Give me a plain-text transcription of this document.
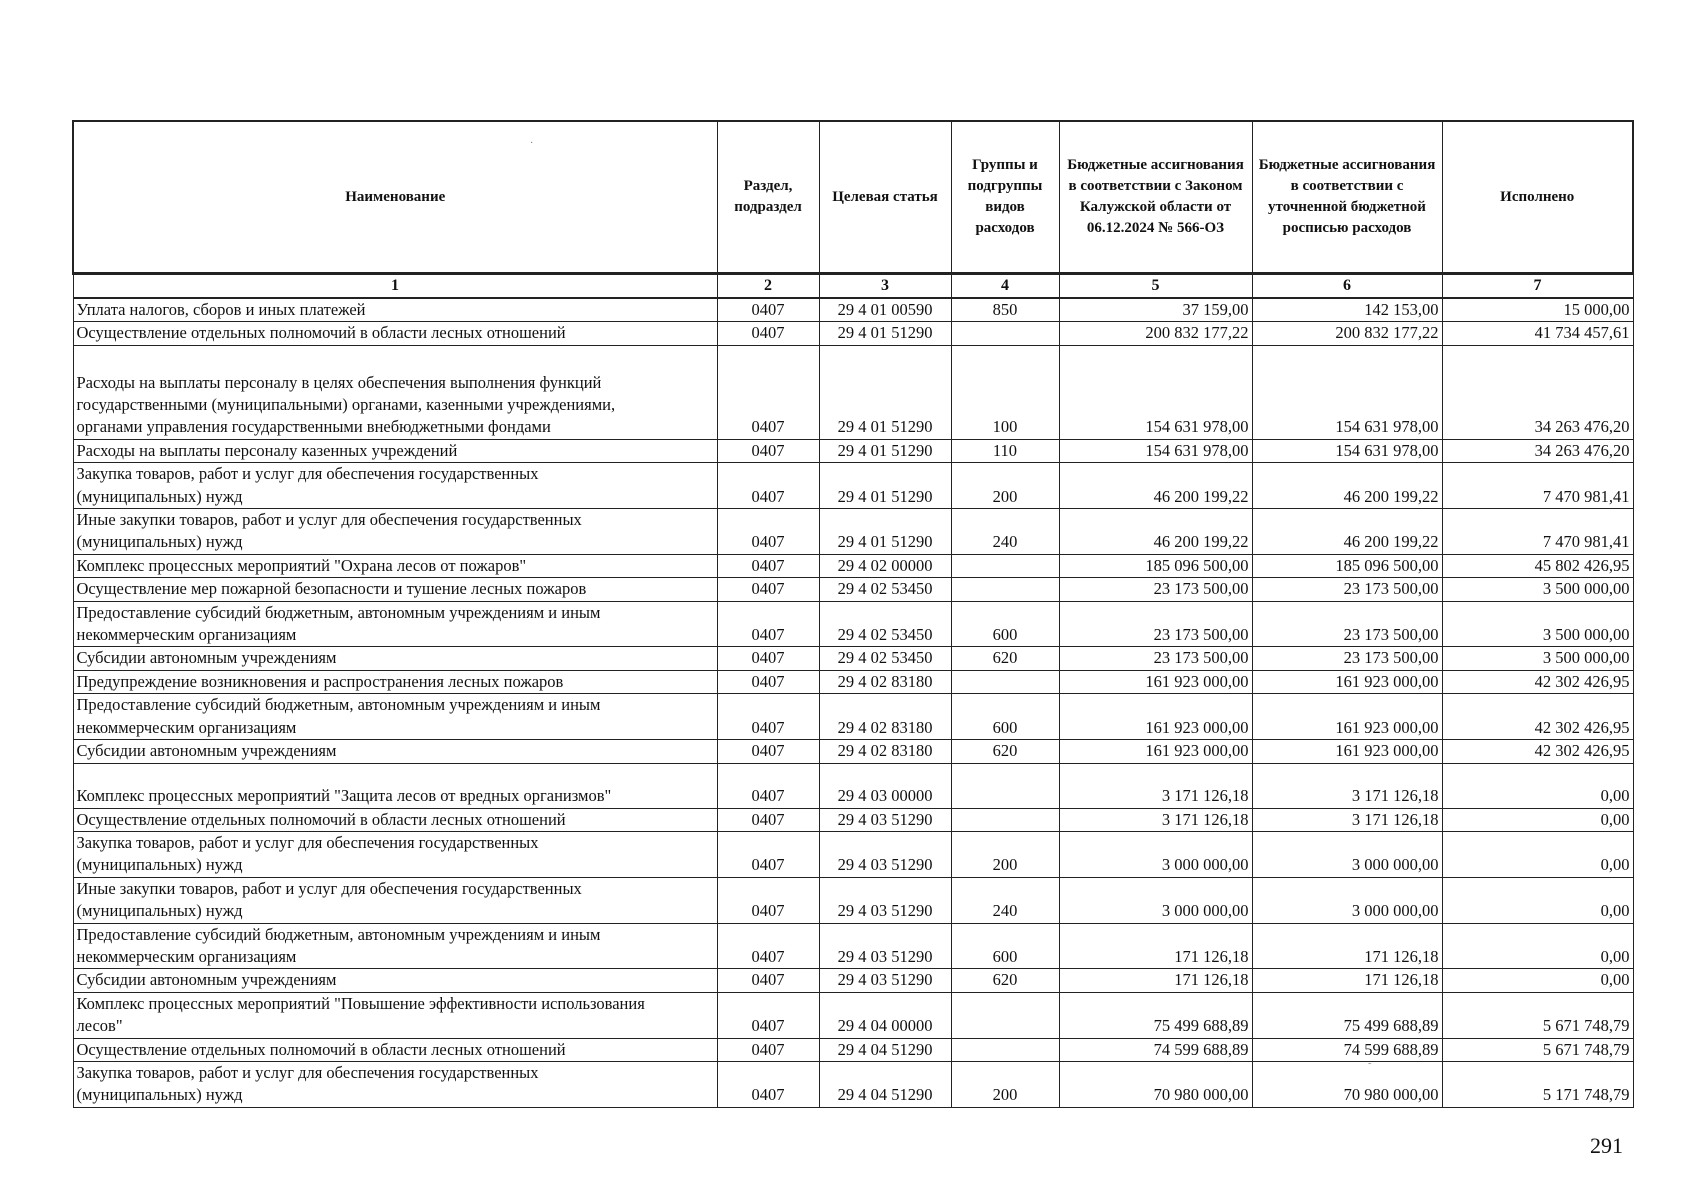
Наименование	Раздел, подраздел	Целевая статья	Группы и подгруппы видов расходов	Бюджетные ассигнования в соответствии с Законом Калужской области от 06.12.2024 № 566-ОЗ	Бюджетные ассигнования в соответствии с уточненной бюджетной росписью расходов	Исполнено
1	2	3	4	5	6	7
Уплата налогов, сборов и иных платежей	0407	29 4 01 00590	850	37 159,00	142 153,00	15 000,00
Осуществление отдельных полномочий в области лесных отношений	0407	29 4 01 51290		200 832 177,22	200 832 177,22	41 734 457,61
Расходы на выплаты персоналу в целях обеспечения выполнения функций
государственными (муниципальными) органами, казенными учреждениями,
органами управления государственными внебюджетными фондами	0407	29 4 01 51290	100	154 631 978,00	154 631 978,00	34 263 476,20
Расходы на выплаты персоналу казенных учреждений	0407	29 4 01 51290	110	154 631 978,00	154 631 978,00	34 263 476,20
Закупка товаров, работ и услуг для обеспечения государственных
(муниципальных) нужд	0407	29 4 01 51290	200	46 200 199,22	46 200 199,22	7 470 981,41
Иные закупки товаров, работ и услуг для обеспечения государственных
(муниципальных) нужд	0407	29 4 01 51290	240	46 200 199,22	46 200 199,22	7 470 981,41
Комплекс процессных мероприятий "Охрана лесов от пожаров"	0407	29 4 02 00000		185 096 500,00	185 096 500,00	45 802 426,95
Осуществление мер пожарной безопасности и тушение лесных пожаров	0407	29 4 02 53450		23 173 500,00	23 173 500,00	3 500 000,00
Предоставление субсидий бюджетным, автономным учреждениям и иным
некоммерческим организациям	0407	29 4 02 53450	600	23 173 500,00	23 173 500,00	3 500 000,00
Субсидии автономным учреждениям	0407	29 4 02 53450	620	23 173 500,00	23 173 500,00	3 500 000,00
Предупреждение возникновения и распространения лесных пожаров	0407	29 4 02 83180		161 923 000,00	161 923 000,00	42 302 426,95
Предоставление субсидий бюджетным, автономным учреждениям и иным
некоммерческим организациям	0407	29 4 02 83180	600	161 923 000,00	161 923 000,00	42 302 426,95
Субсидии автономным учреждениям	0407	29 4 02 83180	620	161 923 000,00	161 923 000,00	42 302 426,95
Комплекс процессных мероприятий "Защита лесов от вредных организмов"	0407	29 4 03 00000		3 171 126,18	3 171 126,18	0,00
Осуществление отдельных полномочий в области лесных отношений	0407	29 4 03 51290		3 171 126,18	3 171 126,18	0,00
Закупка товаров, работ и услуг для обеспечения государственных
(муниципальных) нужд	0407	29 4 03 51290	200	3 000 000,00	3 000 000,00	0,00
Иные закупки товаров, работ и услуг для обеспечения государственных
(муниципальных) нужд	0407	29 4 03 51290	240	3 000 000,00	3 000 000,00	0,00
Предоставление субсидий бюджетным, автономным учреждениям и иным
некоммерческим организациям	0407	29 4 03 51290	600	171 126,18	171 126,18	0,00
Субсидии автономным учреждениям	0407	29 4 03 51290	620	171 126,18	171 126,18	0,00
Комплекс процессных мероприятий "Повышение эффективности использования
лесов"	0407	29 4 04 00000		75 499 688,89	75 499 688,89	5 671 748,79
Осуществление отдельных полномочий в области лесных отношений	0407	29 4 04 51290		74 599 688,89	74 599 688,89	5 671 748,79
Закупка товаров, работ и услуг для обеспечения государственных
(муниципальных) нужд	0407	29 4 04 51290	200	70 980 000,00	70 980 000,00	5 171 748,79
291
·
˜
